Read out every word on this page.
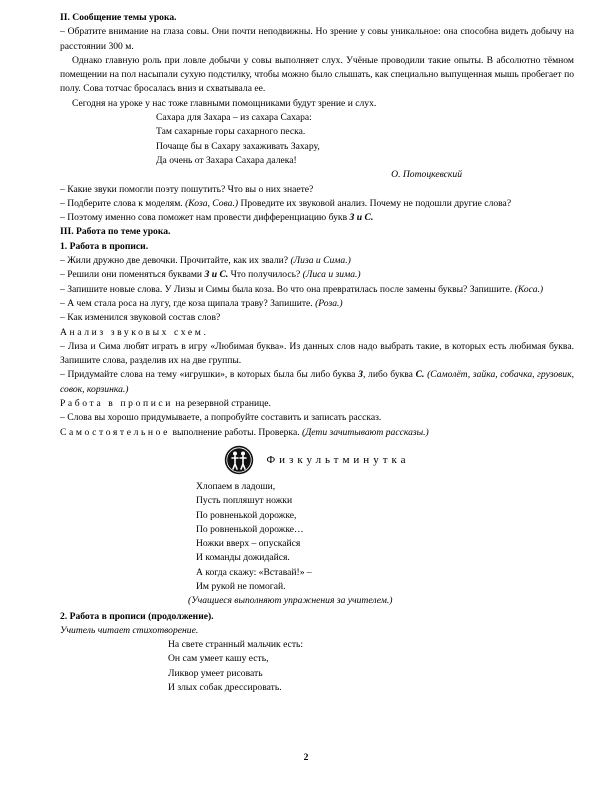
II. Сообщение темы урока.

– Обратите внимание на глаза совы. Они почти неподвижны. Но зрение у совы уникальное: она способна видеть добычу на расстоянии 300 м.

Однако главную роль при ловле добычи у совы выполняет слух. Учёные проводили такие опыты. В абсолютно тёмном помещении на пол насыпали сухую подстилку, чтобы можно было слышать, как специально выпущенная мышь пробегает по полу. Сова тотчас бросалась вниз и схватывала ее.

Сегодня на уроке у нас тоже главными помощниками будут зрение и слух.

Сахара для Захара – из сахара Сахара:

Там сахарные горы сахарного песка.

Почаще бы в Сахару захаживать Захару,

Да очень от Захара Сахара далека!

О. Потоцкевский

– Какие звуки помогли поэту пошутить? Что вы о них знаете?

– Подберите слова к моделям. (Коза, Сова.) Проведите их звуковой анализ. Почему не подошли другие слова?

– Поэтому именно сова поможет нам провести дифференциацию букв З и С.

III. Работа по теме урока.

1. Работа в прописи.

– Жили дружно две девочки. Прочитайте, как их звали? (Лиза и Сима.)

– Решили они поменяться буквами З и С. Что получилось? (Лиса и зима.)

– Запишите новые слова. У Лизы и Симы была коза. Во что она превратилась после замены буквы? Запишите. (Коса.)

– А чем стала роса на лугу, где коза щипала траву? Запишите. (Роза.)

– Как изменился звуковой состав слов?

Анализ звуковых схем.

– Лиза и Сима любят играть в игру «Любимая буква». Из данных слов надо выбрать такие, в которых есть любимая буква. Запишите слова, разделив их на две группы.

– Придумайте слова на тему «игрушки», в которых была бы либо буква З, либо буква С. (Самолёт, зайка, собачка, грузовик, совок, корзинка.)

Работа в прописи на резервной странице.

– Слова вы хорошо придумываете, а попробуйте составить и записать рассказ.

Самостоятельное выполнение работы. Проверка. (Дети зачитывают рассказы.)

Физкультминутка

Хлопаем в ладоши,

Пусть попляшут ножки

По ровненькой дорожке,

По ровненькой дорожке…

Ножки вверх – опускайся

И команды дожидайся.

А когда скажу: «Вставай!» –

Им рукой не помогай.

(Учащиеся выполняют упражнения за учителем.)

2. Работа в прописи (продолжение).

Учитель читает стихотворение.

На свете странный мальчик есть:

Он сам умеет кашу есть,

Ликвор умеет рисовать

И злых собак дрессировать.

2
